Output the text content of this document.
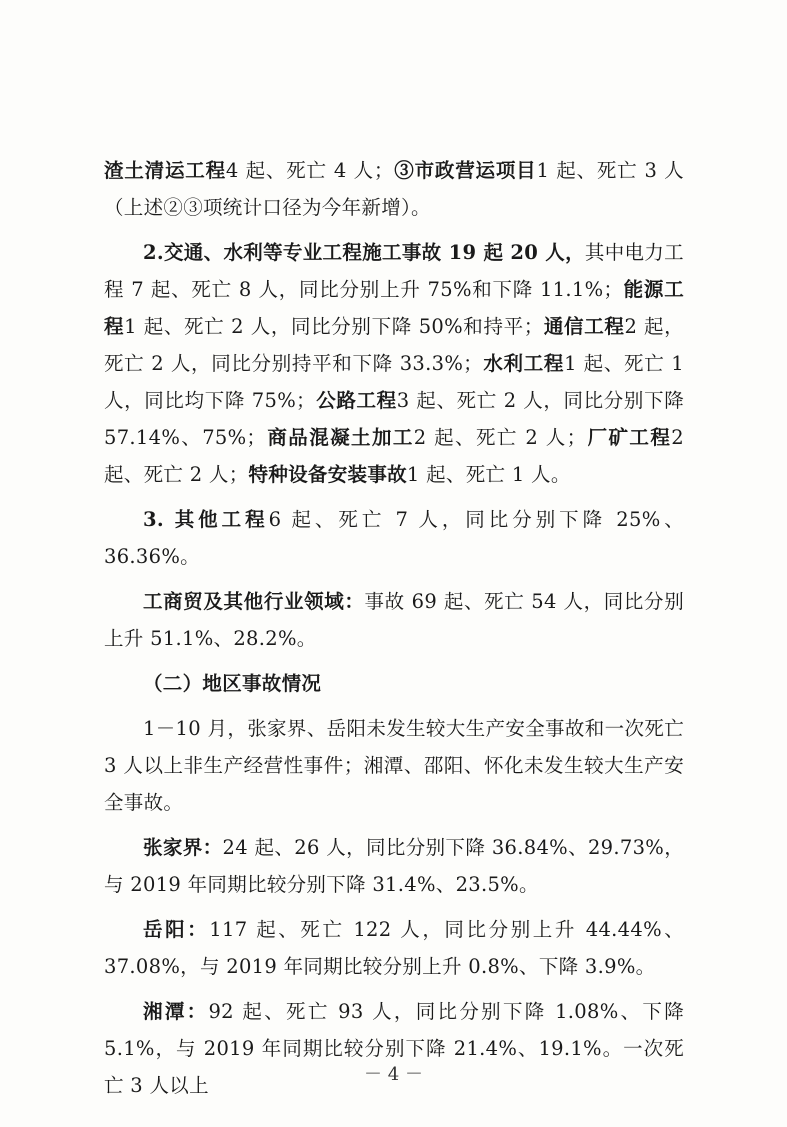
渣土清运工程4 起、死亡 4 人；③市政营运项目1 起、死亡 3 人（上述②③项统计口径为今年新增）。

2.交通、水利等专业工程施工事故 19 起 20 人，其中电力工程 7 起、死亡 8 人，同比分别上升 75%和下降 11.1%；能源工程1 起、死亡 2 人，同比分别下降 50%和持平；通信工程2 起，死亡 2 人，同比分别持平和下降 33.3%；水利工程1 起、死亡 1 人，同比均下降 75%；公路工程3 起、死亡 2 人，同比分别下降 57.14%、75%；商品混凝土加工2 起、死亡 2 人；厂矿工程2 起、死亡 2 人；特种设备安装事故1 起、死亡 1 人。

3. 其他工程6 起、死亡 7 人，同比分别下降 25%、36.36%。

工商贸及其他行业领域：事故 69 起、死亡 54 人，同比分别上升 51.1%、28.2%。

（二）地区事故情况

1－10 月，张家界、岳阳未发生较大生产安全事故和一次死亡 3 人以上非生产经营性事件；湘潭、邵阳、怀化未发生较大生产安全事故。

张家界：24 起、26 人，同比分别下降 36.84%、29.73%，与 2019 年同期比较分别下降 31.4%、23.5%。

岳阳：117 起、死亡 122 人，同比分别上升 44.44%、37.08%，与 2019 年同期比较分别上升 0.8%、下降 3.9%。

湘潭：92 起、死亡 93 人，同比分别下降 1.08%、下降 5.1%，与 2019 年同期比较分别下降 21.4%、19.1%。一次死亡 3 人以上	－ 4 －
